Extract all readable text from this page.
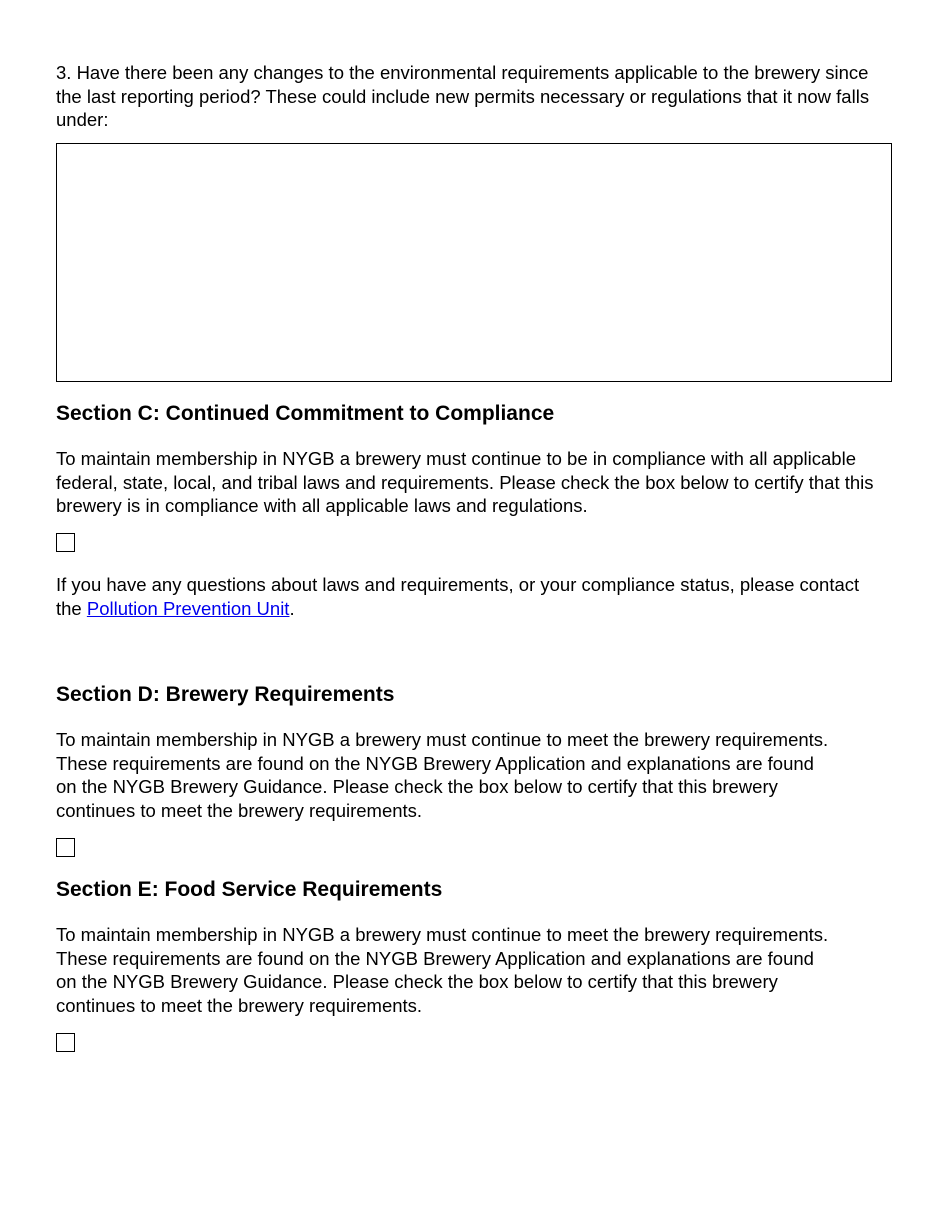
3. Have there been any changes to the environmental requirements applicable to the brewery since the last reporting period? These could include new permits necessary or regulations that it now falls under:

Section C: Continued Commitment to Compliance

To maintain membership in NYGB a brewery must continue to be in compliance with all applicable federal, state, local, and tribal laws and requirements. Please check the box below to certify that this brewery is in compliance with all applicable laws and regulations.

If you have any questions about laws and requirements, or your compliance status, please contact the Pollution Prevention Unit.

Section D: Brewery Requirements

To maintain membership in NYGB a brewery must continue to meet the brewery requirements. These requirements are found on the NYGB Brewery Application and explanations are found on the NYGB Brewery Guidance. Please check the box below to certify that this brewery continues to meet the brewery requirements.

Section E: Food Service Requirements

To maintain membership in NYGB a brewery must continue to meet the brewery requirements. These requirements are found on the NYGB Brewery Application and explanations are found on the NYGB Brewery Guidance. Please check the box below to certify that this brewery continues to meet the brewery requirements.
